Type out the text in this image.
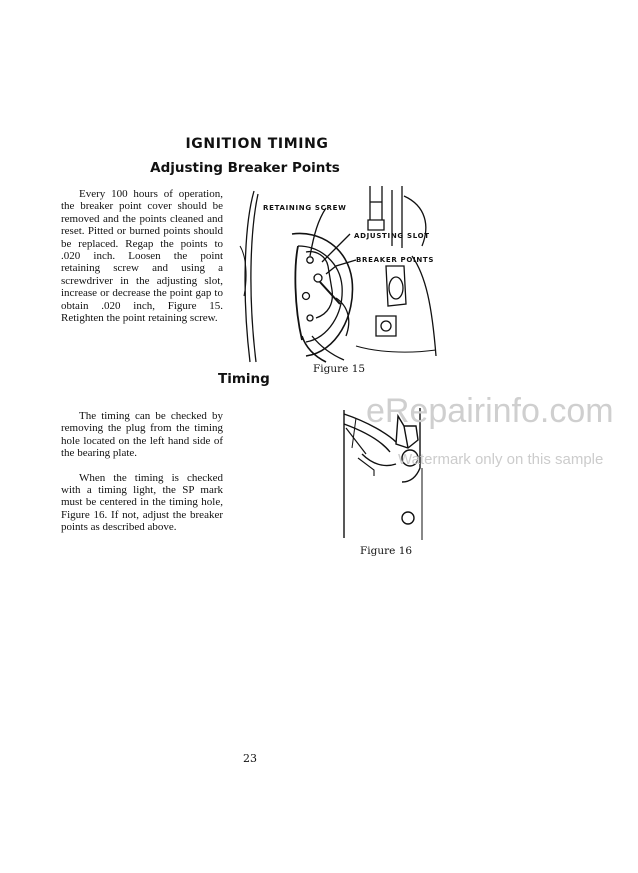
IGNITION TIMING
Adjusting Breaker Points

Every 100 hours of operation, the breaker point cover should be removed and the points cleaned and reset. Pitted or burned points should be replaced. Regap the points to .020 inch. Loosen the point retaining screw and using a screwdriver in the adjusting slot, increase or decrease the point gap to obtain .020 inch, Figure 15. Retighten the point retaining screw.

RETAINING SCREW
ADJUSTING SLOT
BREAKER POINTS
Figure 15
Timing

The timing can be checked by removing the plug from the timing hole located on the left hand side of the bearing plate.

When the timing is checked with a timing light, the SP mark must be centered in the timing hole, Figure 16. If not, adjust the breaker points as described above.

Figure 16
23
eRepairinfo.com
Watermark only on this sample
